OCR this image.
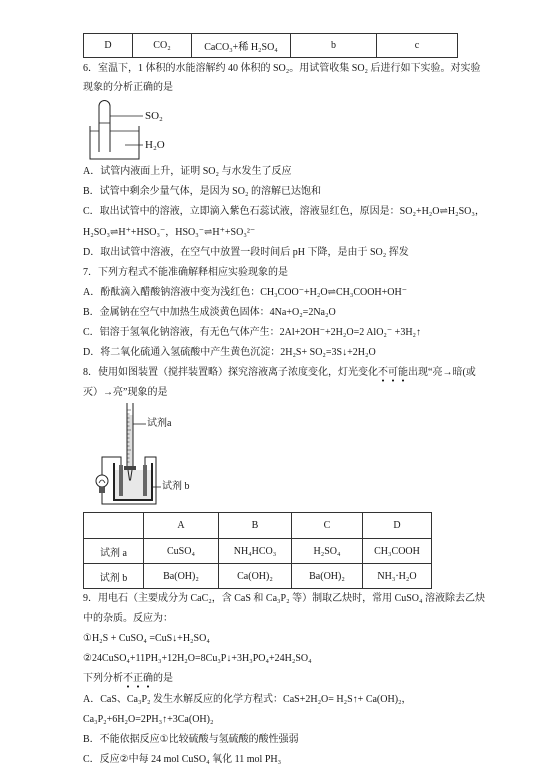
D	CO₂	CaCO₃+稀 H₂SO₄	b	c
6．室温下，1 体积的水能溶解约 40 体积的 SO₂。用试管收集 SO₂ 后进行如下实验。对实验
现象的分析正确的是
SO₂
H₂O
A．试管内液面上升，证明 SO₂ 与水发生了反应
B．试管中剩余少量气体，是因为 SO₂ 的溶解已达饱和
C．取出试管中的溶液，立即滴入紫色石蕊试液，溶液显红色，原因是：SO₂+H₂O⇌H₂SO₃，
H₂SO₃⇌H⁺+HSO₃⁻，HSO₃⁻⇌H⁺+SO₃²⁻
D．取出试管中溶液，在空气中放置一段时间后 pH 下降，是由于 SO₂ 挥发
7．下列方程式不能准确解释相应实验现象的是
A．酚酞滴入醋酸钠溶液中变为浅红色：CH₃COO⁻+H₂O⇌CH₃COOH+OH⁻
B．金属钠在空气中加热生成淡黄色固体：4Na+O₂=2Na₂O
C．铝溶于氢氧化钠溶液，有无色气体产生：2Al+2OH⁻+2H₂O=2 AlO₂⁻ +3H₂↑
D．将二氧化硫通入氢硫酸中产生黄色沉淀：2H₂S+ SO₂=3S↓+2H₂O
8．使用如图装置（搅拌装置略）探究溶液离子浓度变化，灯光变化不可能出现“亮→暗(或
灭）→亮”现象的是
试剂a
试剂 b
	A	B	C	D
试剂 a	CuSO₄	NH₄HCO₃	H₂SO₄	CH₃COOH
试剂 b	Ba(OH)₂	Ca(OH)₂	Ba(OH)₂	NH₃·H₂O
9．用电石（主要成分为 CaC₂，含 CaS 和 Ca₃P₂ 等）制取乙炔时，常用 CuSO₄ 溶液除去乙炔
中的杂质。反应为：
①H₂S + CuSO₄ =CuS↓+H₂SO₄
②24CuSO₄+11PH₃+12H₂O=8Cu₃P↓+3H₃PO₄+24H₂SO₄
下列分析不正确的是
A．CaS、Ca₃P₂ 发生水解反应的化学方程式：CaS+2H₂O= H₂S↑+ Ca(OH)₂，
Ca₃P₂+6H₂O=2PH₃↑+3Ca(OH)₂
B．不能依据反应①比较硫酸与氢硫酸的酸性强弱
C．反应②中每 24 mol CuSO₄ 氧化 11 mol PH₃
